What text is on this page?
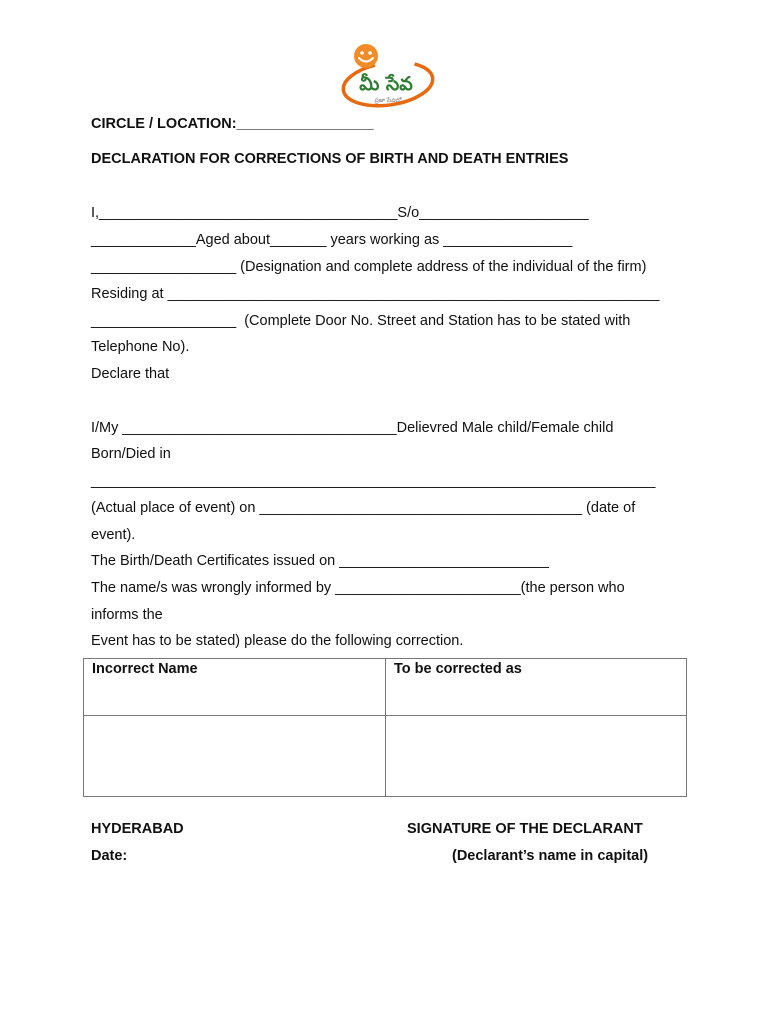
మీ సేవ
ప్రజా సేవలో
CIRCLE / LOCATION:_________________
DECLARATION FOR CORRECTIONS OF BIRTH AND DEATH ENTRIES
I,_____________________________________S/o_____________________
_____________Aged about_______ years working as ________________
__________________ (Designation and complete address of the individual of the firm)
Residing at _____________________________________________________________
__________________  (Complete Door No. Street and Station has to be stated with
Telephone No).
Declare that
I/My __________________________________Delievred Male child/Female child
Born/Died in
______________________________________________________________________
(Actual place of event) on ________________________________________ (date of
event).
The Birth/Death Certificates issued on __________________________
The name/s was wrongly informed by _______________________(the person who
informs the
Event has to be stated) please do the following correction.
Incorrect Name	To be corrected as

HYDERABAD
Date:
SIGNATURE OF THE DECLARANT
(Declarant’s name in capital)
